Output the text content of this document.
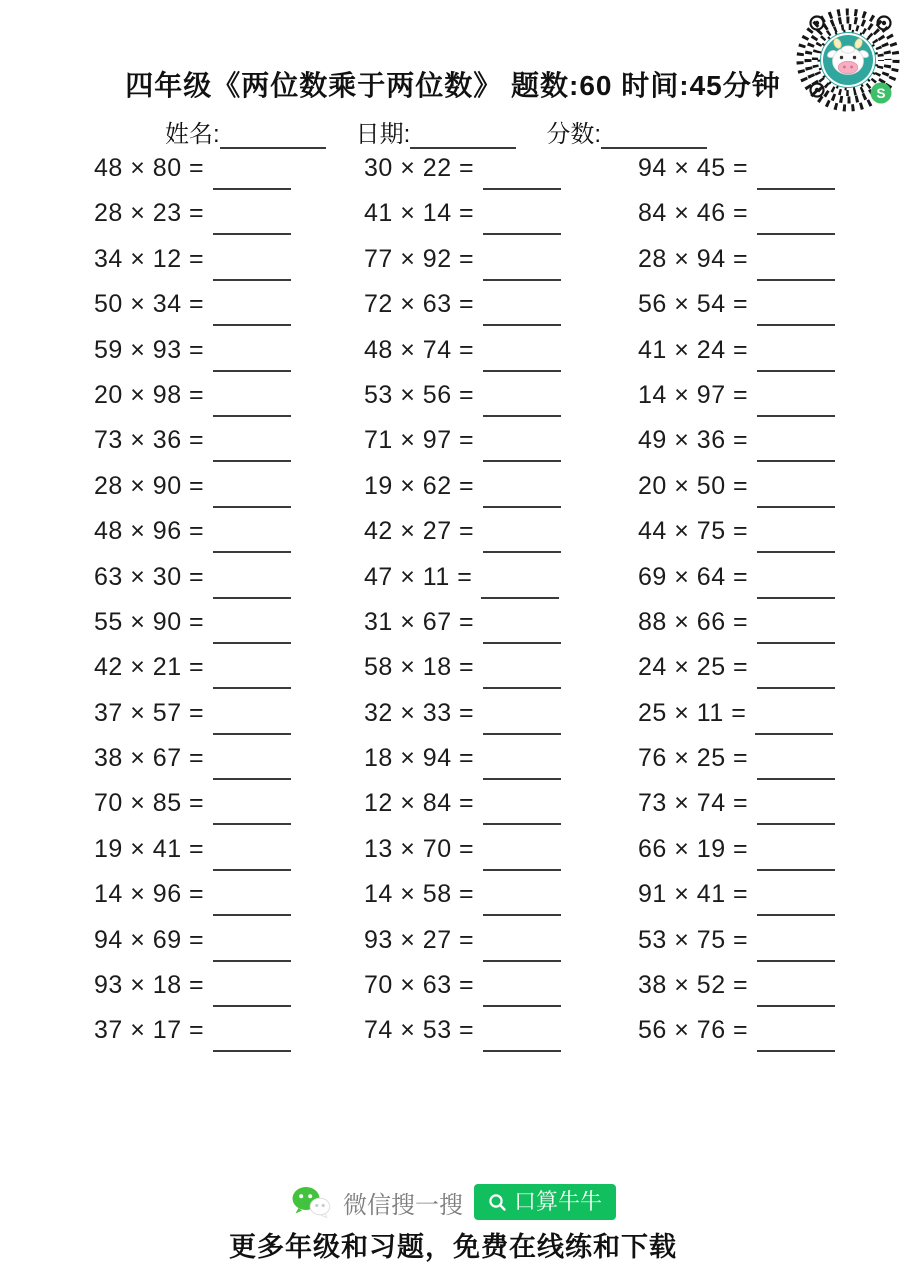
S
四年级《两位数乘于两位数》 题数:60 时间:45分钟
姓名:	日期:	分数:
48 × 80 =
28 × 23 =
34 × 12 =
50 × 34 =
59 × 93 =
20 × 98 =
73 × 36 =
28 × 90 =
48 × 96 =
63 × 30 =
55 × 90 =
42 × 21 =
37 × 57 =
38 × 67 =
70 × 85 =
19 × 41 =
14 × 96 =
94 × 69 =
93 × 18 =
37 × 17 =
30 × 22 =
41 × 14 =
77 × 92 =
72 × 63 =
48 × 74 =
53 × 56 =
71 × 97 =
19 × 62 =
42 × 27 =
47 × 11 =
31 × 67 =
58 × 18 =
32 × 33 =
18 × 94 =
12 × 84 =
13 × 70 =
14 × 58 =
93 × 27 =
70 × 63 =
74 × 53 =
94 × 45 =
84 × 46 =
28 × 94 =
56 × 54 =
41 × 24 =
14 × 97 =
49 × 36 =
20 × 50 =
44 × 75 =
69 × 64 =
88 × 66 =
24 × 25 =
25 × 11 =
76 × 25 =
73 × 74 =
66 × 19 =
91 × 41 =
53 × 75 =
38 × 52 =
56 × 76 =
微信搜一搜 口算牛牛
更多年级和习题，免费在线练和下载
